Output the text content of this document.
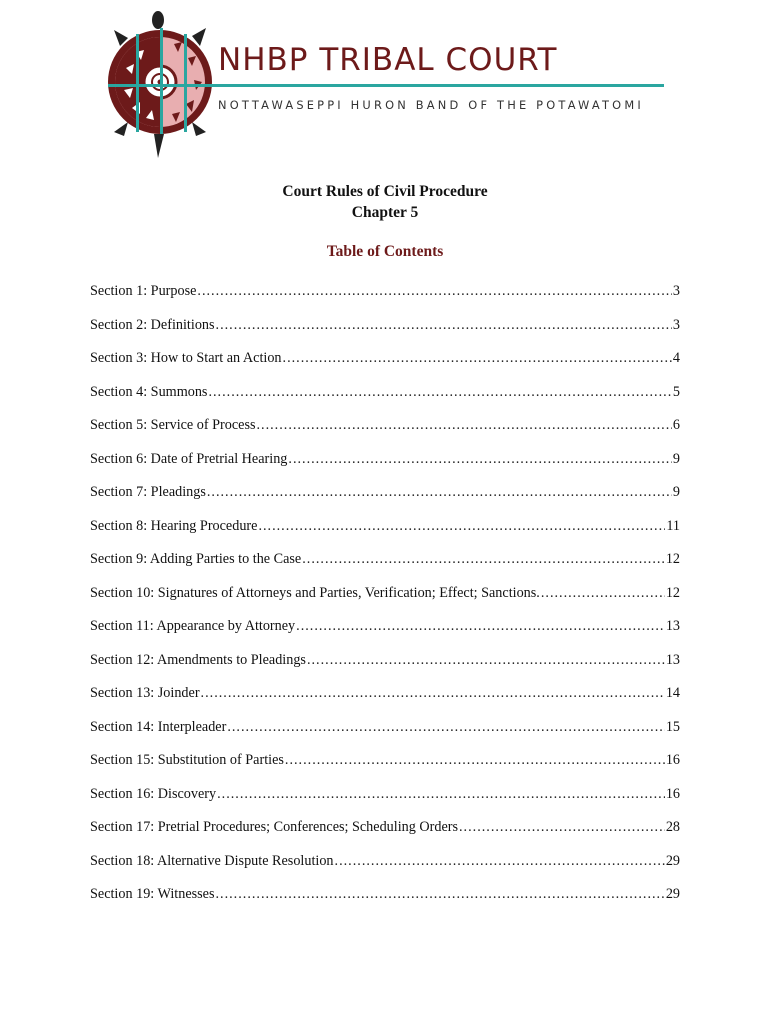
NHBP TRIBAL COURT
NOTTAWASEPPI HURON BAND OF THE POTAWATOMI
Court Rules of Civil Procedure
Chapter 5
Table of Contents
Section 1: Purpose .....	3
Section 2: Definitions .....	3
Section 3: How to Start an Action .....	4
Section 4: Summons .....	5
Section 5: Service of Process .....	6
Section 6: Date of Pretrial Hearing .....	9
Section 7: Pleadings .....	9
Section 8: Hearing Procedure .....	11
Section 9: Adding Parties to the Case .....	12
Section 10: Signatures of Attorneys and Parties, Verification; Effect; Sanctions. .....	12
Section 11: Appearance by Attorney .....	13
Section 12: Amendments to Pleadings .....	13
Section 13: Joinder .....	14
Section 14: Interpleader .....	15
Section 15: Substitution of Parties .....	16
Section 16: Discovery .....	16
Section 17: Pretrial Procedures; Conferences; Scheduling Orders .....	28
Section 18: Alternative Dispute Resolution .....	29
Section 19: Witnesses .....	29
